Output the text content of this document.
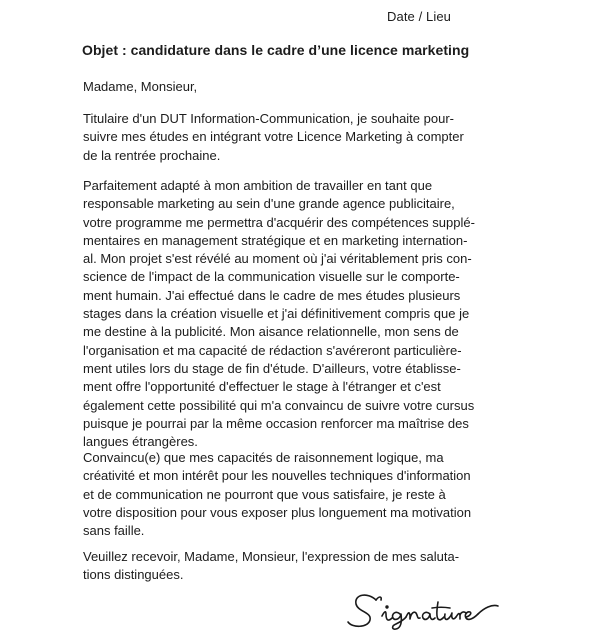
Date / Lieu
Objet : candidature dans le cadre d’une licence marketing
Madame, Monsieur,
Titulaire d'un DUT Information-Communication, je souhaite pour-
suivre mes études en intégrant votre Licence Marketing à compter
de la rentrée prochaine.
Parfaitement adapté à mon ambition de travailler en tant que
responsable marketing au sein d'une grande agence publicitaire,
votre programme me permettra d'acquérir des compétences supplé-
mentaires en management stratégique et en marketing internation-
al. Mon projet s'est révélé au moment où j'ai véritablement pris con-
science de l'impact de la communication visuelle sur le comporte-
ment humain. J'ai effectué dans le cadre de mes études plusieurs
stages dans la création visuelle et j'ai définitivement compris que je
me destine à la publicité. Mon aisance relationnelle, mon sens de
l'organisation et ma capacité de rédaction s'avéreront particulière-
ment utiles lors du stage de fin d'étude. D'ailleurs, votre établisse-
ment offre l'opportunité d'effectuer le stage à l'étranger et c'est
également cette possibilité qui m'a convaincu de suivre votre cursus
puisque je pourrai par la même occasion renforcer ma maîtrise des
langues étrangères.
Convaincu(e) que mes capacités de raisonnement logique, ma
créativité et mon intérêt pour les nouvelles techniques d'information
et de communication ne pourront que vous satisfaire, je reste à
votre disposition pour vous exposer plus longuement ma motivation
sans faille.
Veuillez recevoir, Madame, Monsieur, l'expression de mes saluta-
tions distinguées.
